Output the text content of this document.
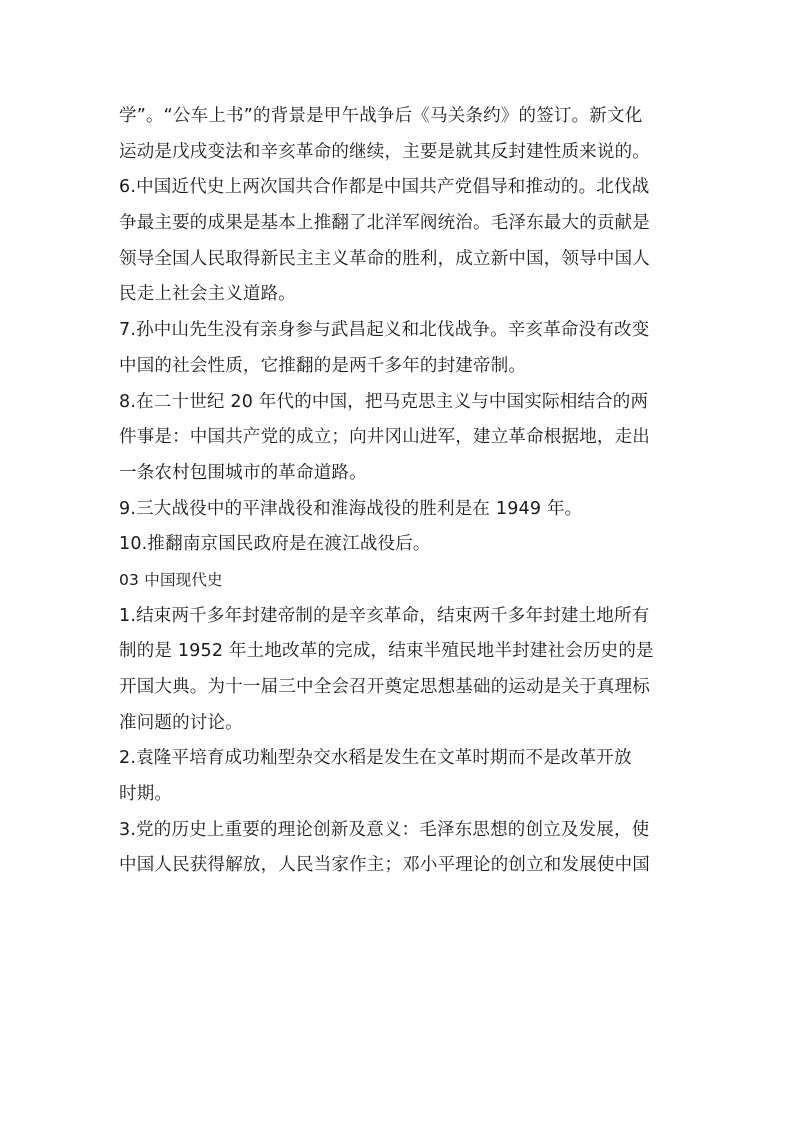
学”。“公车上书”的背景是甲午战争后《马关条约》的签订。新文化
运动是戊戌变法和辛亥革命的继续，主要是就其反封建性质来说的。
6.中国近代史上两次国共合作都是中国共产党倡导和推动的。北伐战
争最主要的成果是基本上推翻了北洋军阀统治。毛泽东最大的贡献是
领导全国人民取得新民主主义革命的胜利，成立新中国，领导中国人
民走上社会主义道路。
7.孙中山先生没有亲身参与武昌起义和北伐战争。辛亥革命没有改变
中国的社会性质，它推翻的是两千多年的封建帝制。
8.在二十世纪 20 年代的中国，把马克思主义与中国实际相结合的两
件事是：中国共产党的成立；向井冈山进军，建立革命根据地，走出
一条农村包围城市的革命道路。
9.三大战役中的平津战役和淮海战役的胜利是在 1949 年。
10.推翻南京国民政府是在渡江战役后。
03 中国现代史
1.结束两千多年封建帝制的是辛亥革命，结束两千多年封建土地所有
制的是 1952 年土地改革的完成，结束半殖民地半封建社会历史的是
开国大典。为十一届三中全会召开奠定思想基础的运动是关于真理标
准问题的讨论。
2.袁隆平培育成功籼型杂交水稻是发生在文革时期而不是改革开放
时期。
3.党的历史上重要的理论创新及意义：毛泽东思想的创立及发展，使
中国人民获得解放，人民当家作主；邓小平理论的创立和发展使中国
